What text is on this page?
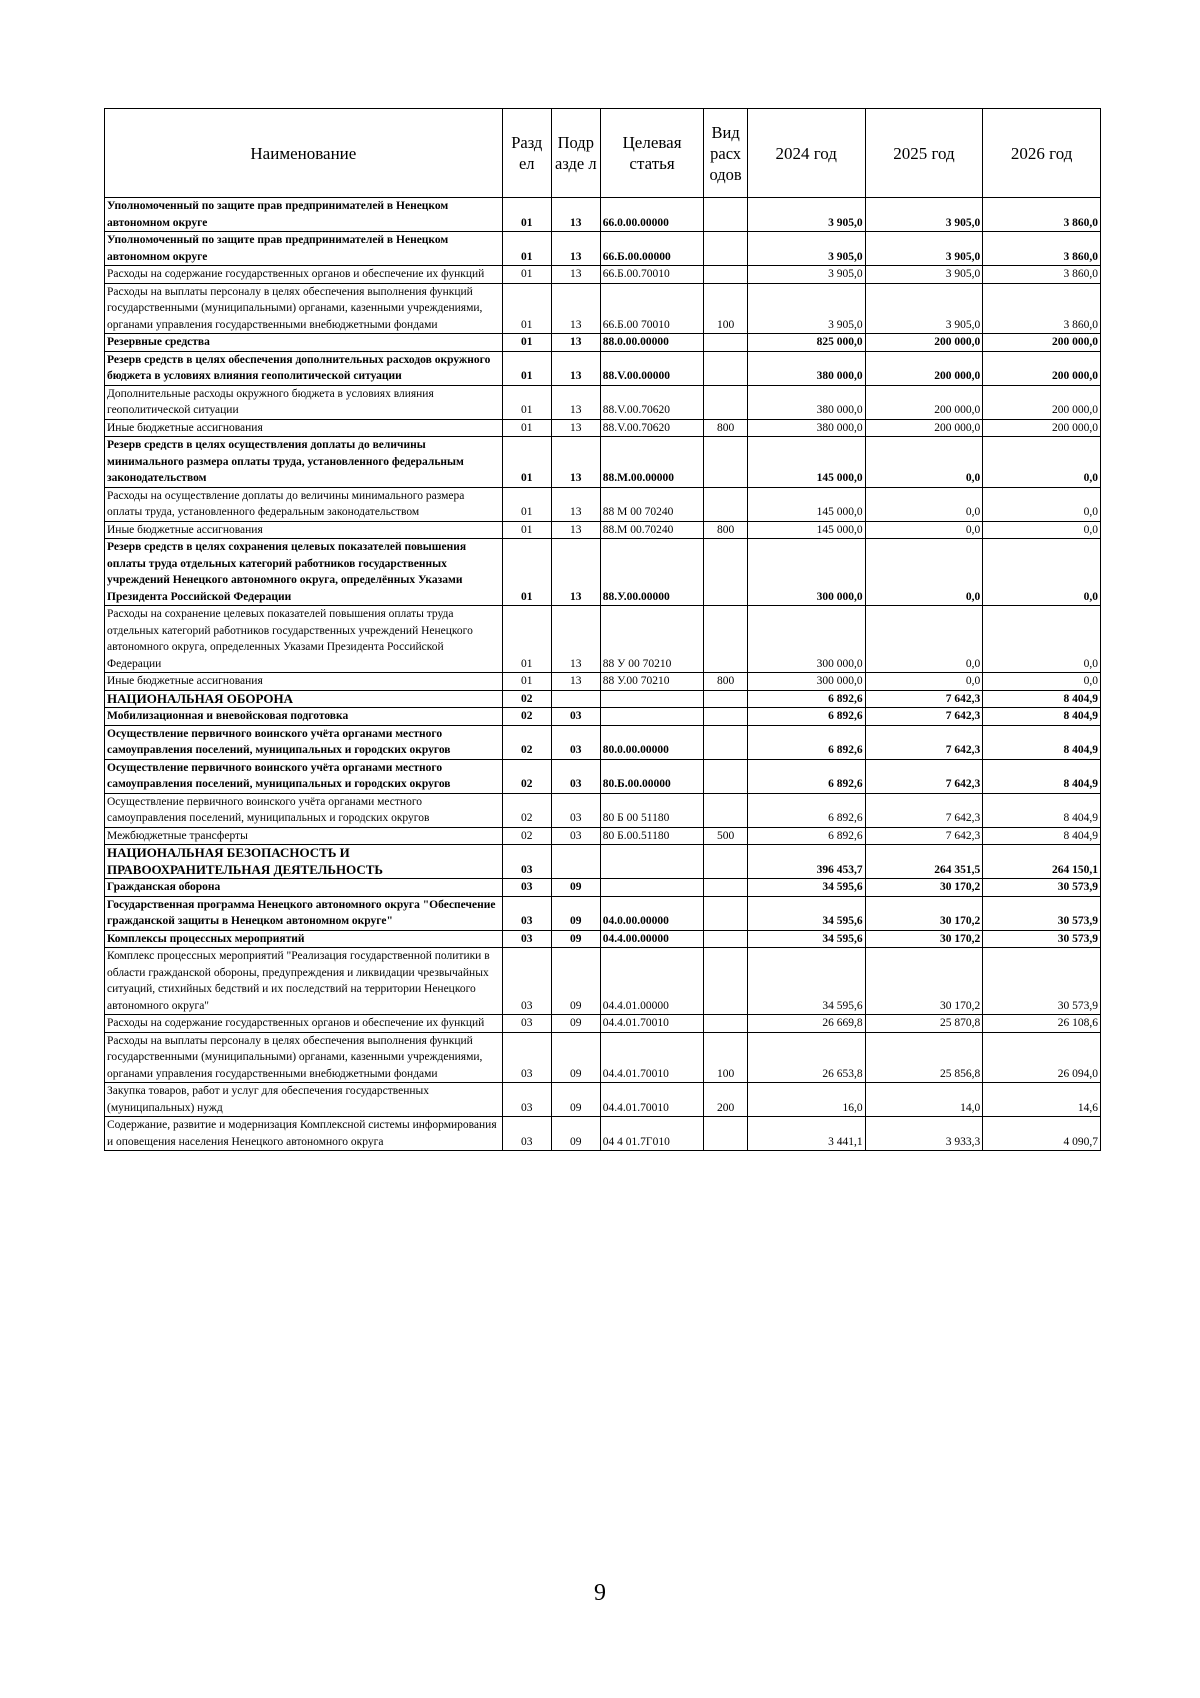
Наименование	Разд ел	Подр азде л	Целевая статья	Вид расх одов	2024 год	2025 год	2026 год
Уполномоченный по защите прав предпринимателей в Ненецком автономном округе	01	13	66.0.00.00000		3 905,0	3 905,0	3 860,0
Уполномоченный по защите прав предпринимателей в Ненецком автономном округе	01	13	66.Б.00.00000		3 905,0	3 905,0	3 860,0
Расходы на содержание государственных органов и обеспечение их функций	01	13	66.Б.00.70010		3 905,0	3 905,0	3 860,0
Расходы на выплаты персоналу в целях обеспечения выполнения функций государственными (муниципальными) органами, казенными учреждениями, органами управления государственными внебюджетными фондами	01	13	66.Б.00 70010	100	3 905,0	3 905,0	3 860,0
Резервные средства	01	13	88.0.00.00000		825 000,0	200 000,0	200 000,0
Резерв средств в целях обеспечения дополнительных расходов окружного бюджета в условиях влияния геополитической ситуации	01	13	88.V.00.00000		380 000,0	200 000,0	200 000,0
Дополнительные расходы окружного бюджета в условиях влияния геополитической ситуации	01	13	88.V.00.70620		380 000,0	200 000,0	200 000,0
Иные бюджетные ассигнования	01	13	88.V.00.70620	800	380 000,0	200 000,0	200 000,0
Резерв средств в целях осуществления доплаты до величины минимального размера оплаты труда, установленного федеральным законодательством	01	13	88.М.00.00000		145 000,0	0,0	0,0
Расходы на осуществление доплаты до величины минимального размера оплаты труда, установленного федеральным законодательством	01	13	88 М 00 70240		145 000,0	0,0	0,0
Иные бюджетные ассигнования	01	13	88.М 00.70240	800	145 000,0	0,0	0,0
Резерв средств в целях сохранения целевых показателей повышения оплаты труда отдельных категорий работников государственных учреждений Ненецкого автономного округа, определённых Указами Президента Российской Федерации	01	13	88.У.00.00000		300 000,0	0,0	0,0
Расходы на сохранение целевых показателей повышения оплаты труда отдельных категорий работников государственных учреждений Ненецкого автономного округа, определенных Указами Президента Российской Федерации	01	13	88 У 00 70210		300 000,0	0,0	0,0
Иные бюджетные ассигнования	01	13	88 У.00 70210	800	300 000,0	0,0	0,0
НАЦИОНАЛЬНАЯ ОБОРОНА	02				6 892,6	7 642,3	8 404,9
Мобилизационная и вневойсковая подготовка	02	03			6 892,6	7 642,3	8 404,9
Осуществление первичного воинского учёта органами местного самоуправления поселений, муниципальных и городских округов	02	03	80.0.00.00000		6 892,6	7 642,3	8 404,9
Осуществление первичного воинского учёта органами местного самоуправления поселений, муниципальных и городских округов	02	03	80.Б.00.00000		6 892,6	7 642,3	8 404,9
Осуществление первичного воинского учёта органами местного самоуправления поселений, муниципальных и городских округов	02	03	80 Б 00 51180		6 892,6	7 642,3	8 404,9
Межбюджетные трансферты	02	03	80 Б.00.51180	500	6 892,6	7 642,3	8 404,9
НАЦИОНАЛЬНАЯ БЕЗОПАСНОСТЬ И ПРАВООХРАНИТЕЛЬНАЯ ДЕЯТЕЛЬНОСТЬ	03				396 453,7	264 351,5	264 150,1
Гражданская оборона	03	09			34 595,6	30 170,2	30 573,9
Государственная программа Ненецкого автономного округа "Обеспечение гражданской защиты в Ненецком автономном округе"	03	09	04.0.00.00000		34 595,6	30 170,2	30 573,9
Комплексы процессных мероприятий	03	09	04.4.00.00000		34 595,6	30 170,2	30 573,9
Комплекс процессных мероприятий "Реализация государственной политики в области гражданской обороны, предупреждения и ликвидации чрезвычайных ситуаций, стихийных бедствий и их последствий на территории Ненецкого автономного округа"	03	09	04.4.01.00000		34 595,6	30 170,2	30 573,9
Расходы на содержание государственных органов и обеспечение их функций	03	09	04.4.01.70010		26 669,8	25 870,8	26 108,6
Расходы на выплаты персоналу в целях обеспечения выполнения функций государственными (муниципальными) органами, казенными учреждениями, органами управления государственными внебюджетными фондами	03	09	04.4.01.70010	100	26 653,8	25 856,8	26 094,0
Закупка товаров, работ и услуг для обеспечения государственных (муниципальных) нужд	03	09	04.4.01.70010	200	16,0	14,0	14,6
Содержание, развитие и модернизация Комплексной системы информирования и оповещения населения Ненецкого автономного округа	03	09	04 4 01.7Г010		3 441,1	3 933,3	4 090,7
9
